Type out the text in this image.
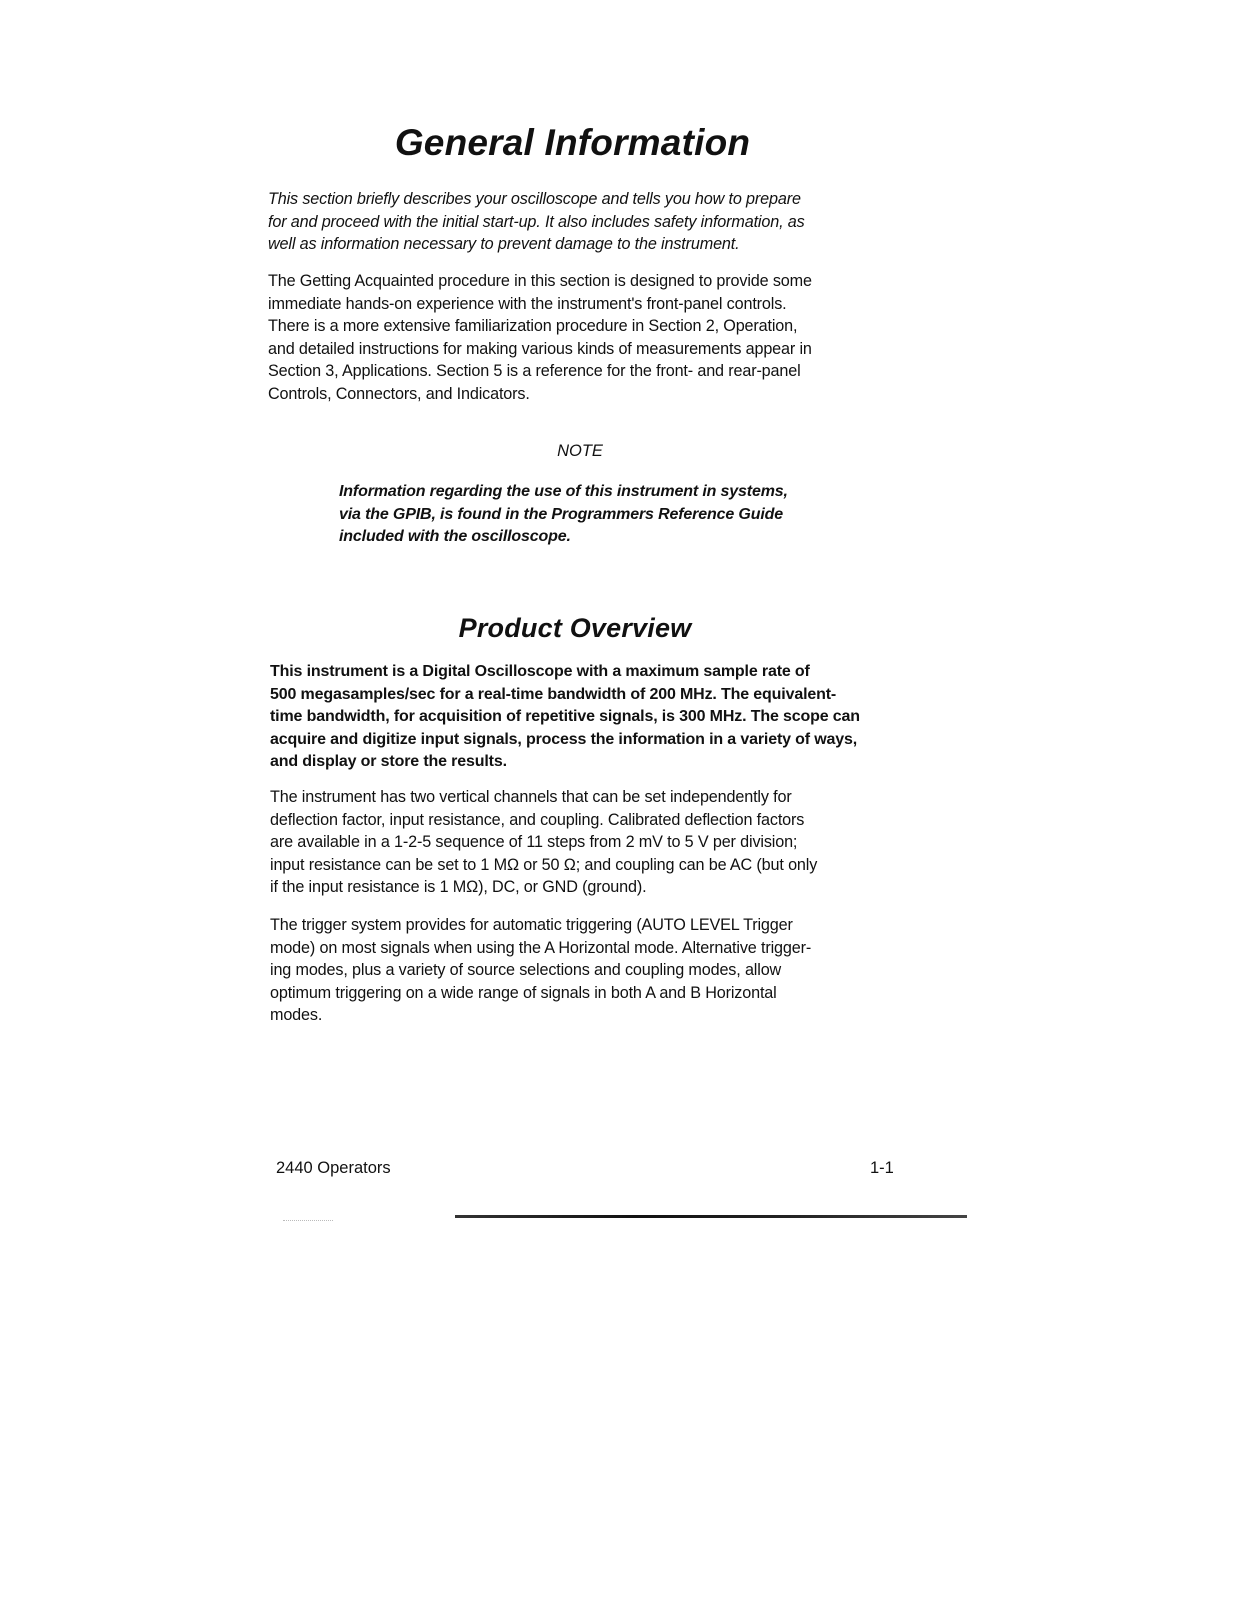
General Information

This section briefly describes your oscilloscope and tells you how to prepare
for and proceed with the initial start-up. It also includes safety information, as
well as information necessary to prevent damage to the instrument.

The Getting Acquainted procedure in this section is designed to provide some
immediate hands-on experience with the instrument's front-panel controls.
There is a more extensive familiarization procedure in Section 2, Operation,
and detailed instructions for making various kinds of measurements appear in
Section 3, Applications. Section 5 is a reference for the front- and rear-panel
Controls, Connectors, and Indicators.

NOTE

Information regarding the use of this instrument in systems,
via the GPIB, is found in the Programmers Reference Guide
included with the oscilloscope.

Product Overview

This instrument is a Digital Oscilloscope with a maximum sample rate of
500 megasamples/sec for a real-time bandwidth of 200 MHz. The equivalent-
time bandwidth, for acquisition of repetitive signals, is 300 MHz. The scope can
acquire and digitize input signals, process the information in a variety of ways,
and display or store the results.

The instrument has two vertical channels that can be set independently for
deflection factor, input resistance, and coupling. Calibrated deflection factors
are available in a 1-2-5 sequence of 11 steps from 2 mV to 5 V per division;
input resistance can be set to 1 MΩ or 50 Ω; and coupling can be AC (but only
if the input resistance is 1 MΩ), DC, or GND (ground).

The trigger system provides for automatic triggering (AUTO LEVEL Trigger
mode) on most signals when using the A Horizontal mode. Alternative trigger-
ing modes, plus a variety of source selections and coupling modes, allow
optimum triggering on a wide range of signals in both A and B Horizontal
modes.

2440 Operators	1-1
